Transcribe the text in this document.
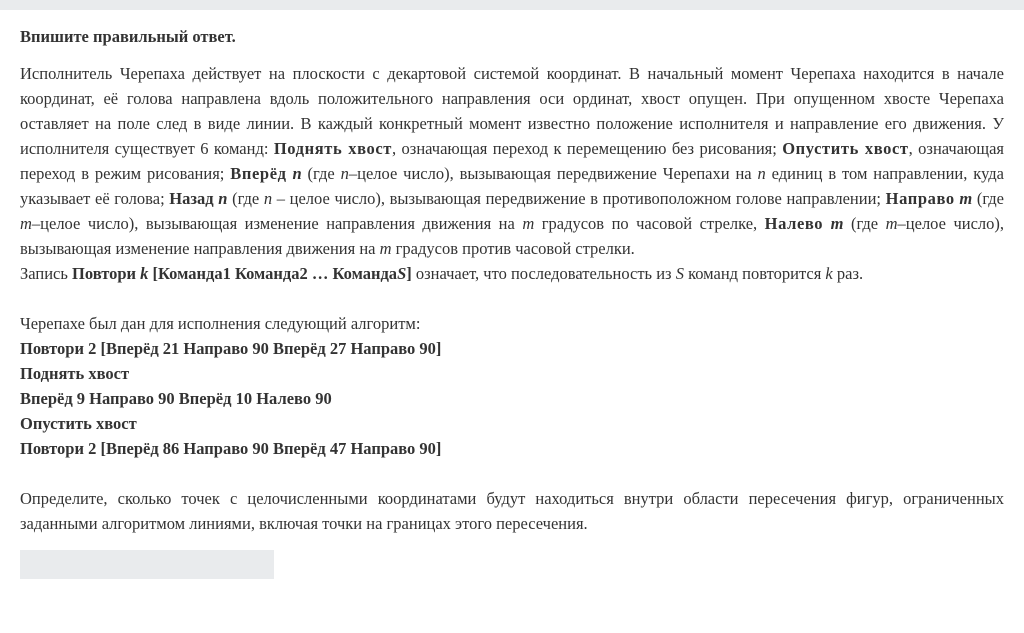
Впишите правильный ответ.

Исполнитель Черепаха действует на плоскости с декартовой системой координат. В начальный момент Черепаха находится в начале координат, её голова направлена вдоль положительного направления оси ординат, хвост опущен. При опущенном хвосте Черепаха оставляет на поле след в виде линии. В каждый конкретный момент известно положение исполнителя и направление его движения. У исполнителя существует 6 команд: Поднять хвост, означающая переход к перемещению без рисования; Опустить хвост, означающая переход в режим рисования; Вперёд n (где n–целое число), вызывающая передвижение Черепахи на n единиц в том направлении, куда указывает её голова; Назад n (где n – целое число), вызывающая передвижение в противоположном голове направлении; Направо m (где m–целое число), вызывающая изменение направления движения на m градусов по часовой стрелке, Налево m (где m–целое число), вызывающая изменение направления движения на m градусов против часовой стрелки.
Запись Повтори k [Команда1 Команда2 … КомандаS] означает, что последовательность из S команд повторится k раз.

Черепахе был дан для исполнения следующий алгоритм:
Повтори 2 [Вперёд 21 Направо 90 Вперёд 27 Направо 90]
Поднять хвост
Вперёд 9 Направо 90 Вперёд 10 Налево 90
Опустить хвост
Повтори 2 [Вперёд 86 Направо 90 Вперёд 47 Направо 90]

Определите, сколько точек с целочисленными координатами будут находиться внутри области пересечения фигур, ограниченных заданными алгоритмом линиями, включая точки на границах этого пересечения.
